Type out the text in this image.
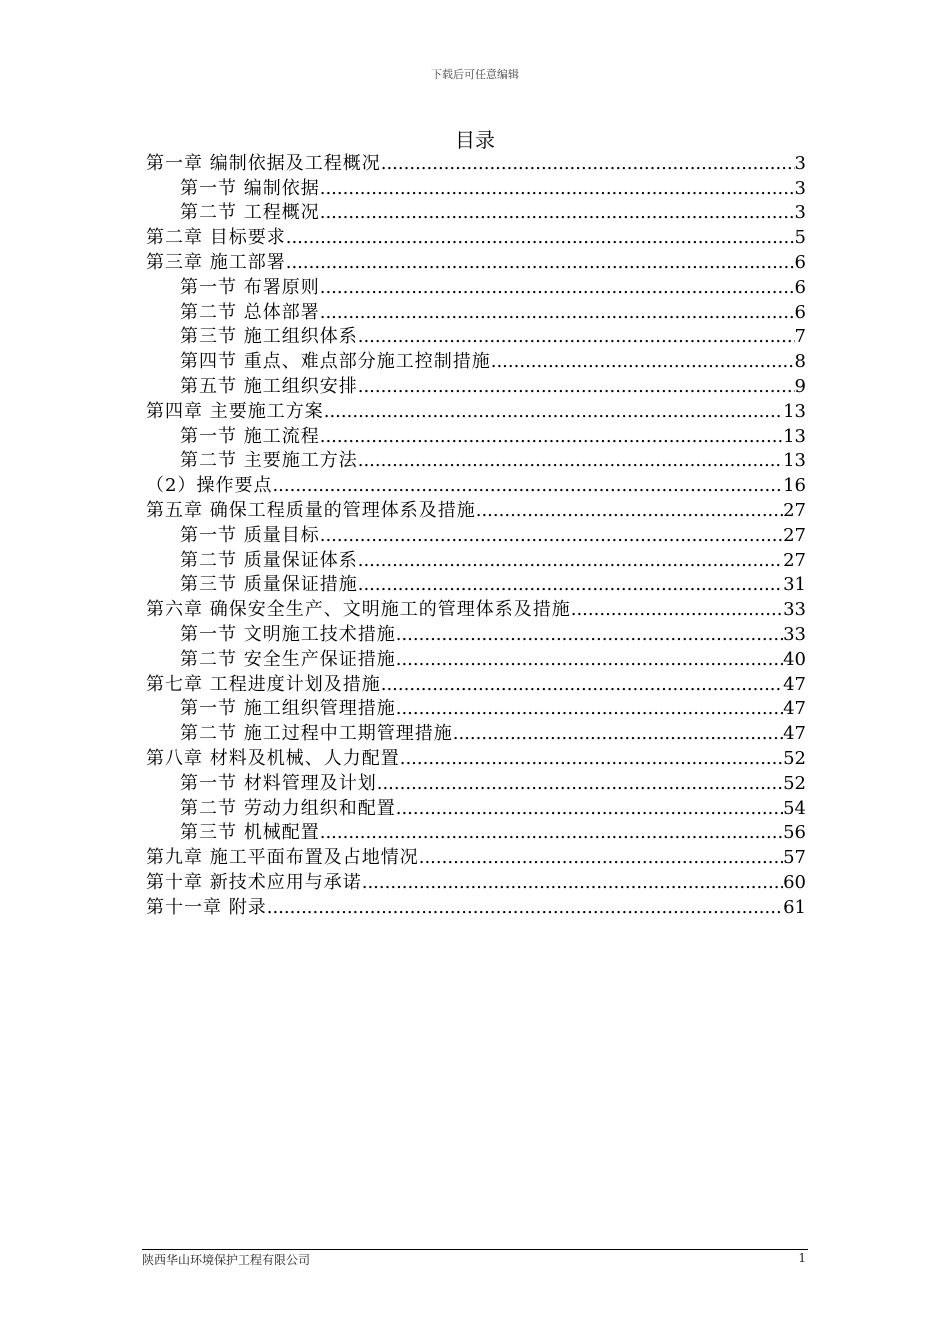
下载后可任意编辑
目录
第一章 编制依据及工程概况 .....	3
第一节 编制依据 .....	3
第二节 工程概况 .....	3
第二章 目标要求 .....	5
第三章 施工部署 .....	6
第一节 布署原则 .....	6
第二节 总体部署 .....	6
第三节 施工组织体系 .....	7
第四节 重点、难点部分施工控制措施 .....	8
第五节 施工组织安排 .....	9
第四章 主要施工方案 .....	13
第一节 施工流程 .....	13
第二节 主要施工方法 .....	13
（2）操作要点 .....	16
第五章 确保工程质量的管理体系及措施 .....	27
第一节 质量目标 .....	27
第二节 质量保证体系 .....	27
第三节 质量保证措施 .....	31
第六章 确保安全生产、文明施工的管理体系及措施 .....	33
第一节 文明施工技术措施 .....	33
第二节 安全生产保证措施 .....	40
第七章 工程进度计划及措施 .....	47
第一节 施工组织管理措施 .....	47
第二节 施工过程中工期管理措施 .....	47
第八章 材料及机械、人力配置 .....	52
第一节 材料管理及计划 .....	52
第二节 劳动力组织和配置 .....	54
第三节 机械配置 .....	56
第九章 施工平面布置及占地情况 .....	57
第十章 新技术应用与承诺 .....	60
第十一章 附录 .....	61
陕西华山环境保护工程有限公司	1
